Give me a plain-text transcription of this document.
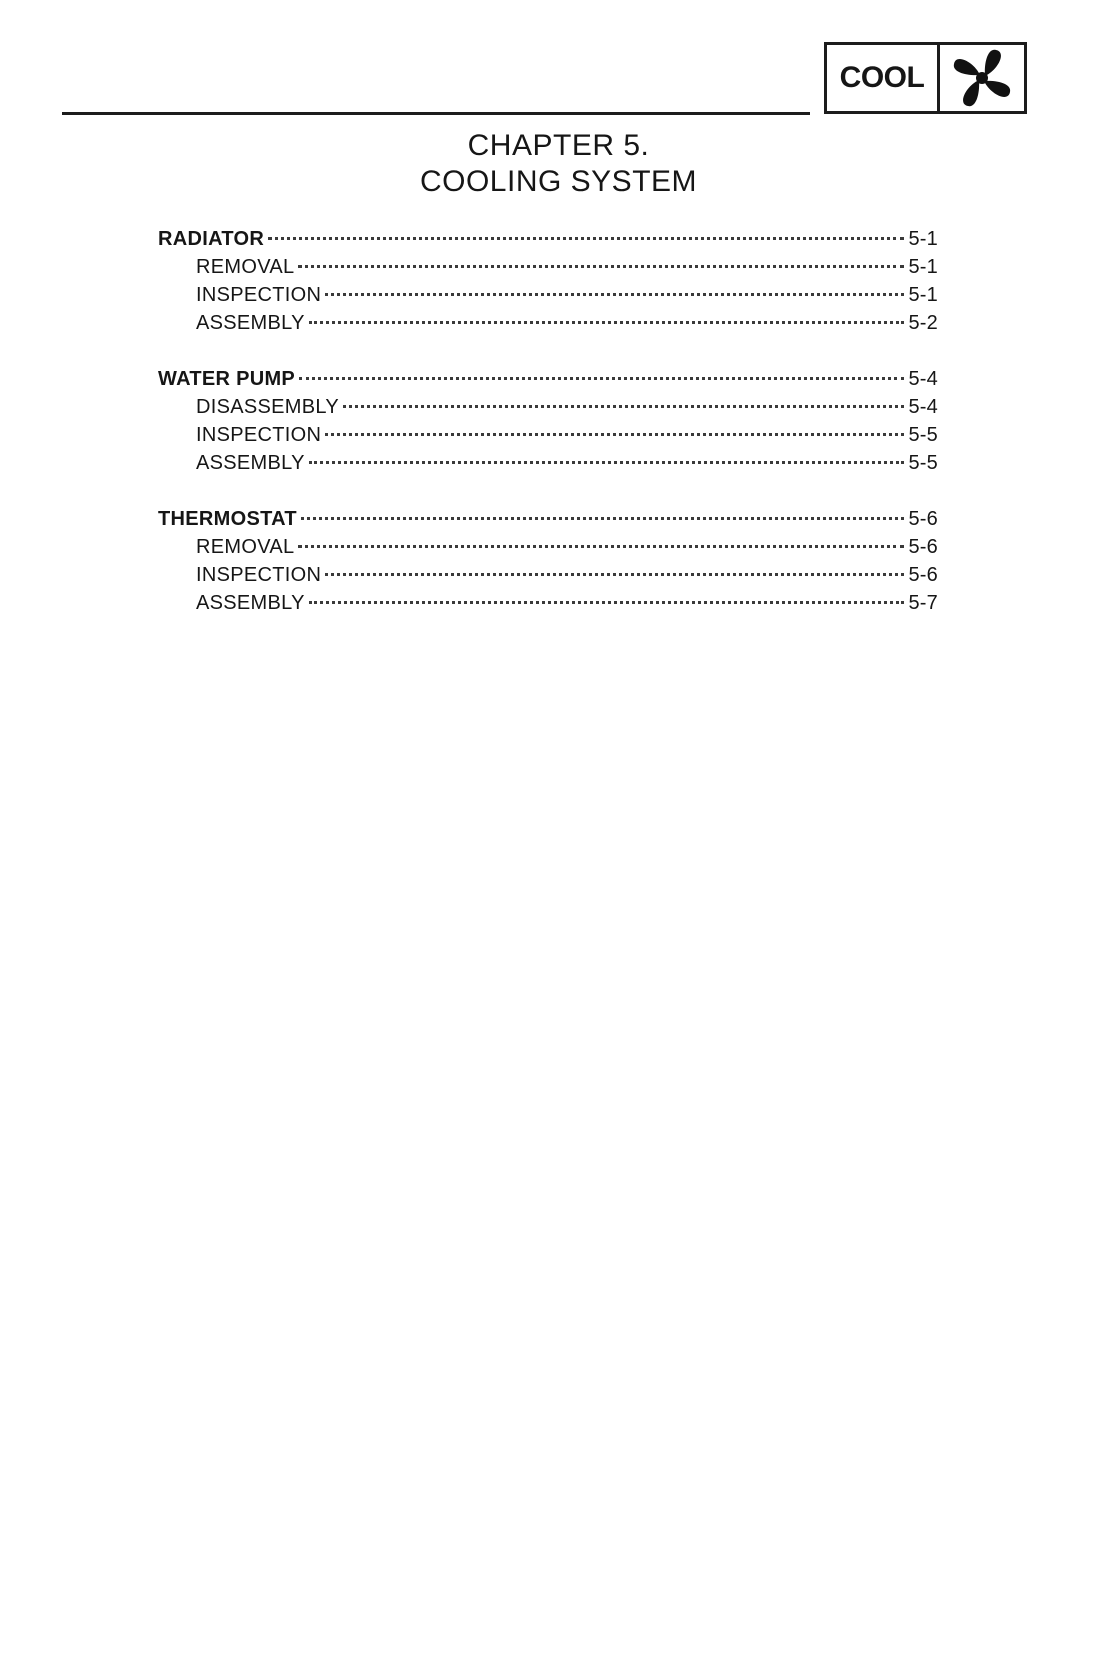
COOL
CHAPTER 5.
COOLING SYSTEM
RADIATOR	5-1
REMOVAL	5-1
INSPECTION	5-1
ASSEMBLY	5-2
WATER PUMP	5-4
DISASSEMBLY	5-4
INSPECTION	5-5
ASSEMBLY	5-5
THERMOSTAT	5-6
REMOVAL	5-6
INSPECTION	5-6
ASSEMBLY	5-7
